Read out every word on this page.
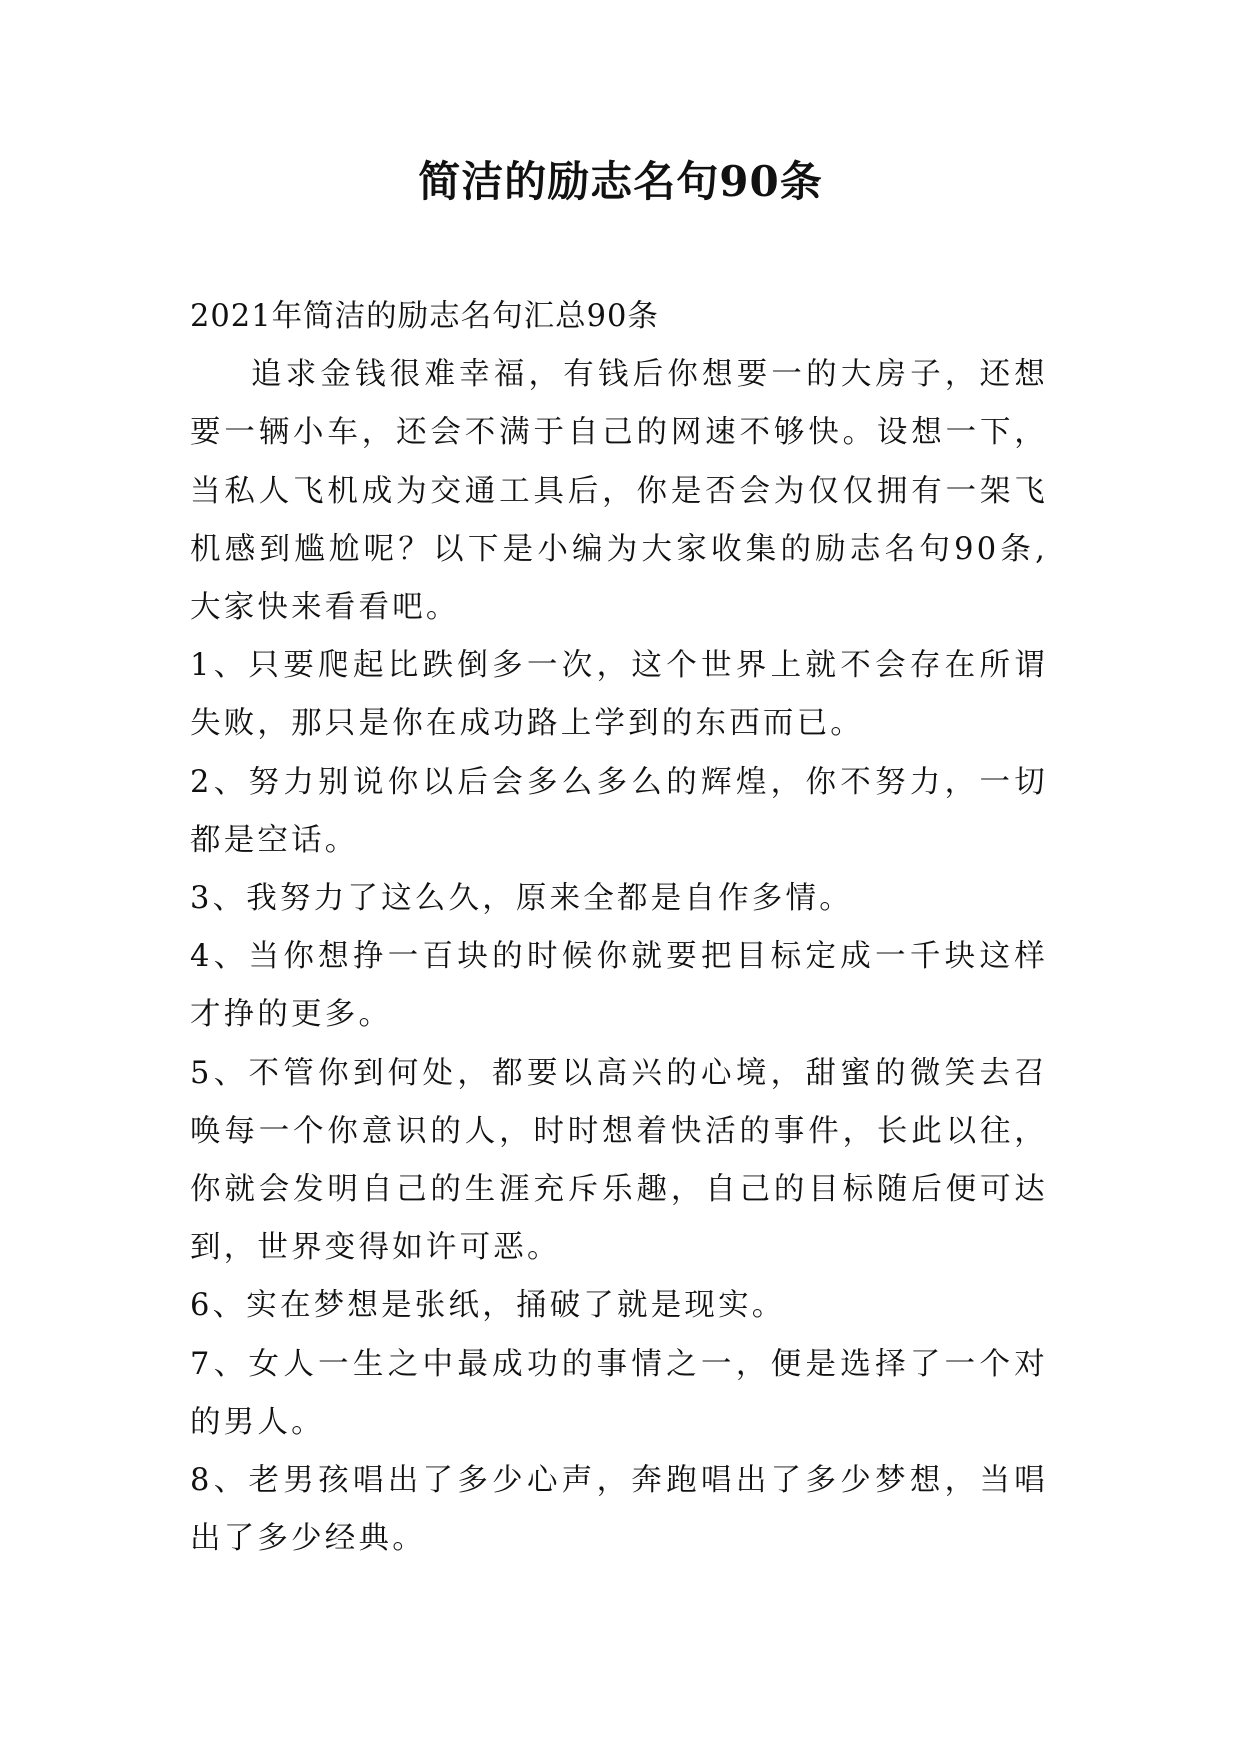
简洁的励志名句90条

2021年简洁的励志名句汇总90条

追求金钱很难幸福，有钱后你想要一的大房子，还想要一辆小车，还会不满于自己的网速不够快。设想一下，当私人飞机成为交通工具后，你是否会为仅仅拥有一架飞机感到尴尬呢？以下是小编为大家收集的励志名句90条,大家快来看看吧。

1、只要爬起比跌倒多一次，这个世界上就不会存在所谓失败，那只是你在成功路上学到的东西而已。

2、努力别说你以后会多么多么的辉煌，你不努力，一切都是空话。

3、我努力了这么久，原来全都是自作多情。

4、当你想挣一百块的时候你就要把目标定成一千块这样才挣的更多。

5、不管你到何处，都要以高兴的心境，甜蜜的微笑去召唤每一个你意识的人，时时想着快活的事件，长此以往，你就会发明自己的生涯充斥乐趣，自己的目标随后便可达到，世界变得如许可恶。

6、实在梦想是张纸，捅破了就是现实。

7、女人一生之中最成功的事情之一，便是选择了一个对的男人。

8、老男孩唱出了多少心声，奔跑唱出了多少梦想，当唱出了多少经典。
